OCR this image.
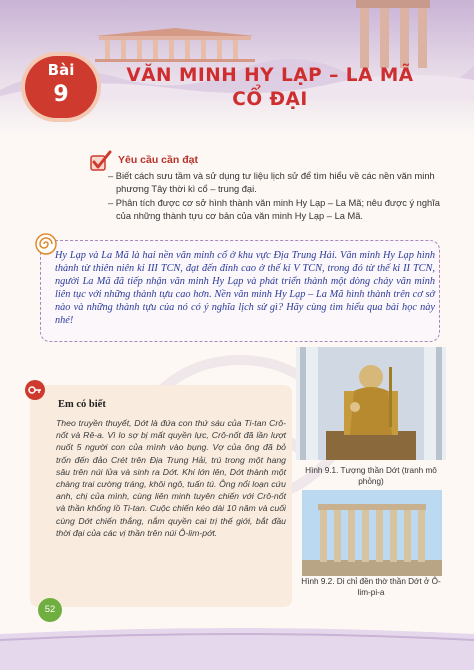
Bài
9
VĂN MINH HY LẠP – LA MÃ
CỔ ĐẠI
Yêu cầu cần đạt
– Biết cách sưu tầm và sử dụng tư liệu lịch sử để tìm hiểu về các nền văn minh phương Tây thời kì cổ – trung đại.
– Phân tích được cơ sở hình thành văn minh Hy Lạp – La Mã; nêu được ý nghĩa của những thành tựu cơ bản của văn minh Hy Lạp – La Mã.
Hy Lạp và La Mã là hai nền văn minh cổ ở khu vực Địa Trung Hải. Văn minh Hy Lạp hình thành từ thiên niên kỉ III TCN, đạt đến đỉnh cao ở thế kỉ V TCN, trong đó từ thế kỉ II TCN, người La Mã đã tiếp nhận văn minh Hy Lạp và phát triển thành một dòng chảy văn minh liên tục với những thành tựu cao hơn. Nền văn minh Hy Lạp – La Mã hình thành trên cơ sở nào và những thành tựu của nó có ý nghĩa lịch sử gì? Hãy cùng tìm hiểu qua bài học này nhé!
Em có biết
Theo truyền thuyết, Dớt là đứa con thứ sáu của Ti-tan Crô-nốt và Rê-a. Vì lo sợ bị mất quyền lực, Crô-nốt đã lần lượt nuốt 5 người con của mình vào bụng. Vợ của ông đã bỏ trốn đến đảo Crét trên Địa Trung Hải, trú trong một hang sâu trên núi lửa và sinh ra Dớt. Khi lớn lên, Dớt thành một chàng trai cường tráng, khôi ngô, tuấn tú. Ông nổi loạn cứu anh, chị của mình, cùng liên minh tuyên chiến với Crô-nốt và thần khổng lồ Ti-tan. Cuộc chiến kéo dài 10 năm và cuối cùng Dớt chiến thắng, nắm quyền cai trị thế giới, bắt đầu thời đại của các vị thần trên núi Ô-lim-pớt.
Hình 9.1. Tượng thần Dớt (tranh mô phỏng)
Hình 9.2. Di chỉ đền thờ thần Dớt ở Ô-lim-pi-a
52
